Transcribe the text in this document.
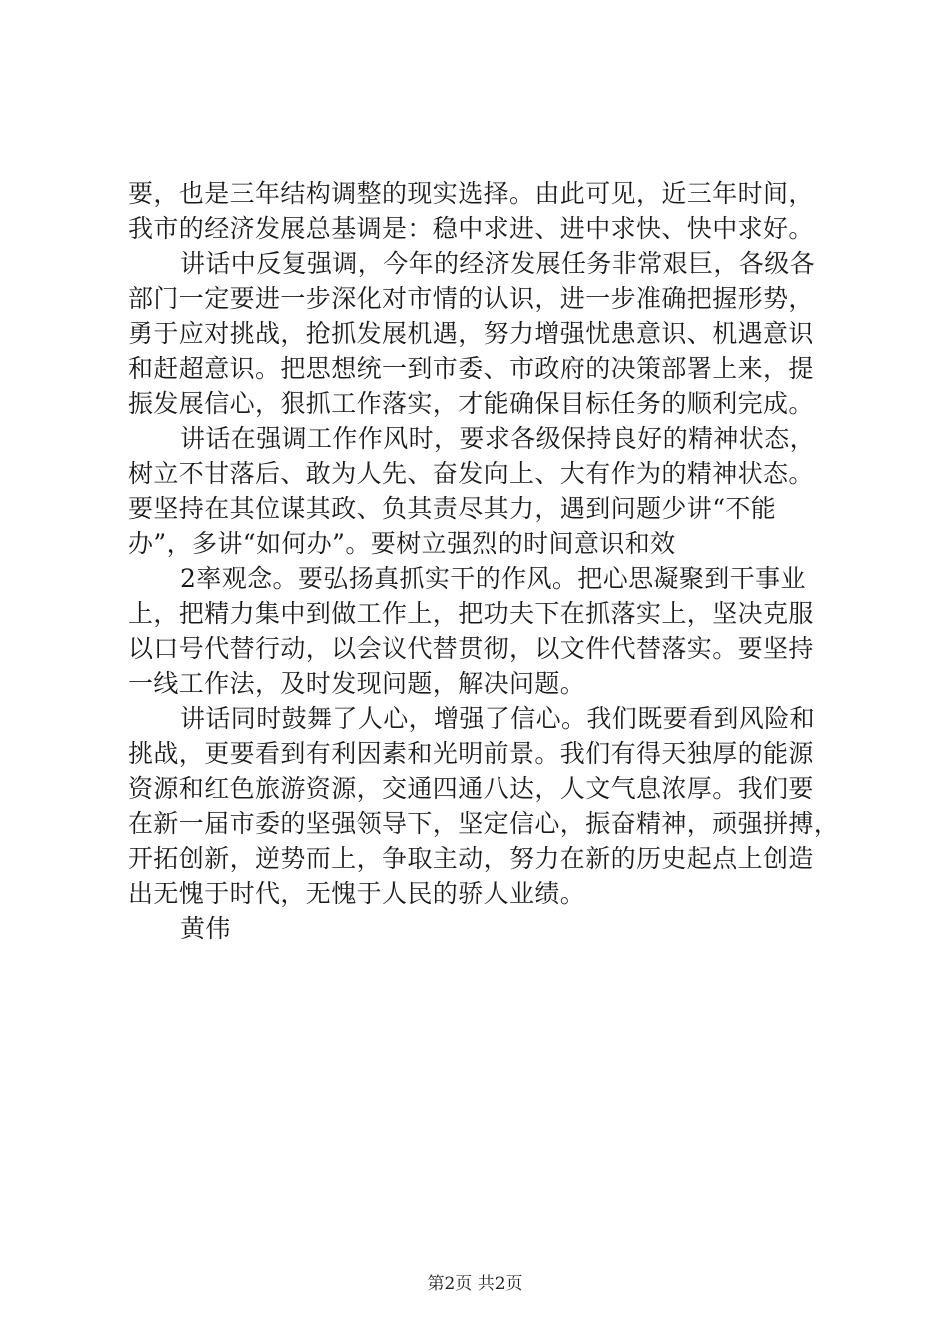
要，也是三年结构调整的现实选择。由此可见，近三年时间，
我市的经济发展总基调是：稳中求进、进中求快、快中求好。
讲话中反复强调，今年的经济发展任务非常艰巨，各级各
部门一定要进一步深化对市情的认识，进一步准确把握形势，
勇于应对挑战，抢抓发展机遇，努力增强忧患意识、机遇意识
和赶超意识。把思想统一到市委、市政府的决策部署上来，提
振发展信心，狠抓工作落实，才能确保目标任务的顺利完成。
讲话在强调工作作风时，要求各级保持良好的精神状态，
树立不甘落后、敢为人先、奋发向上、大有作为的精神状态。
要坚持在其位谋其政、负其责尽其力，遇到问题少讲“不能
办”，多讲“如何办”。要树立强烈的时间意识和效
2率观念。要弘扬真抓实干的作风。把心思凝聚到干事业
上，把精力集中到做工作上，把功夫下在抓落实上，坚决克服
以口号代替行动，以会议代替贯彻，以文件代替落实。要坚持
一线工作法，及时发现问题，解决问题。
讲话同时鼓舞了人心，增强了信心。我们既要看到风险和
挑战，更要看到有利因素和光明前景。我们有得天独厚的能源
资源和红色旅游资源，交通四通八达，人文气息浓厚。我们要
在新一届市委的坚强领导下，坚定信心，振奋精神，顽强拼搏，
开拓创新，逆势而上，争取主动，努力在新的历史起点上创造
出无愧于时代，无愧于人民的骄人业绩。
黄伟
第2页 共2页
